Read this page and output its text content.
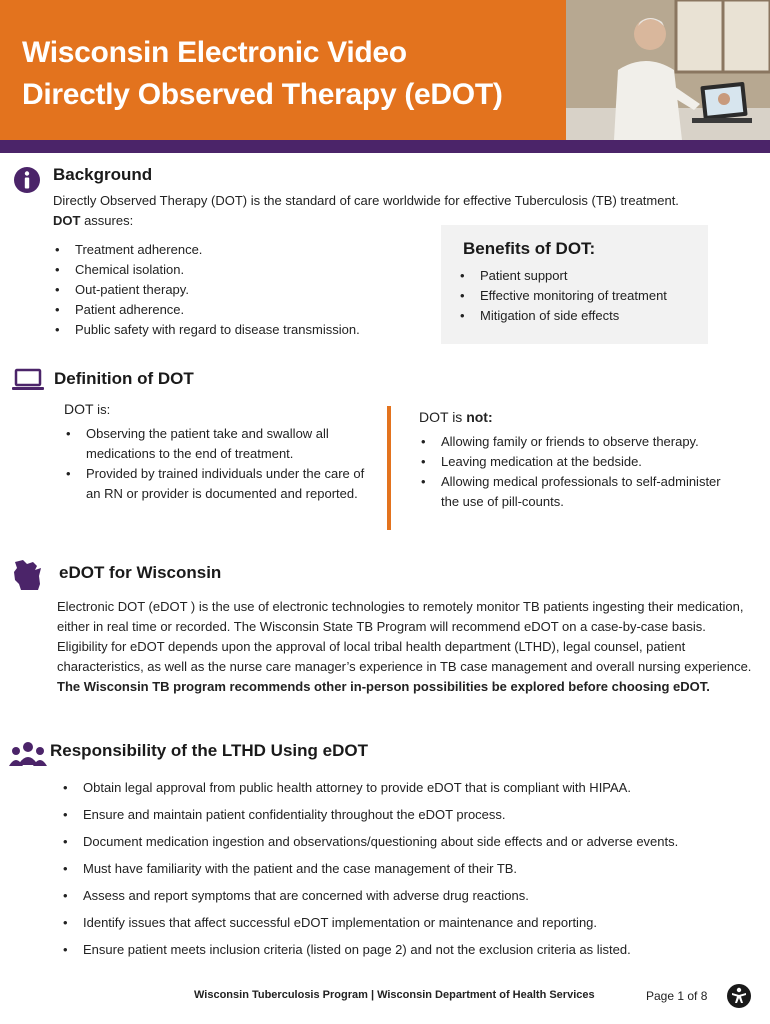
Wisconsin Electronic Video
Directly Observed Therapy (eDOT)
Background
Directly Observed Therapy (DOT) is the standard of care worldwide for effective Tuberculosis (TB) treatment.
DOT assures:
• Treatment adherence.
• Chemical isolation.
• Out-patient therapy.
• Patient adherence.
• Public safety with regard to disease transmission.
Benefits of DOT:
• Patient support
• Effective monitoring of treatment
• Mitigation of side effects
Definition of DOT
DOT is:
• Observing the patient take and swallow all medications to the end of treatment.
• Provided by trained individuals under the care of an RN or provider is documented and reported.
DOT is not:
• Allowing family or friends to observe therapy.
• Leaving medication at the bedside.
• Allowing medical professionals to self-administer the use of pill-counts.
eDOT for Wisconsin
Electronic DOT (eDOT ) is the use of electronic technologies to remotely monitor TB patients ingesting their medication, either in real time or recorded. The Wisconsin State TB Program will recommend eDOT on a case-by-case basis. Eligibility for eDOT depends upon the approval of local tribal health department (LTHD), legal counsel, patient characteristics, as well as the nurse care manager’s experience in TB case management and overall nursing experience. The Wisconsin TB program recommends other in-person possibilities be explored before choosing eDOT.
Responsibility of the LTHD Using eDOT
• Obtain legal approval from public health attorney to provide eDOT that is compliant with HIPAA.
• Ensure and maintain patient confidentiality throughout the eDOT process.
• Document medication ingestion and observations/questioning about side effects and or adverse events.
• Must have familiarity with the patient and the case management of their TB.
• Assess and report symptoms that are concerned with adverse drug reactions.
• Identify issues that affect successful eDOT implementation or maintenance and reporting.
• Ensure patient meets inclusion criteria (listed on page 2) and not the exclusion criteria as listed.
Wisconsin Tuberculosis Program | Wisconsin Department of Health Services	Page 1 of 8
